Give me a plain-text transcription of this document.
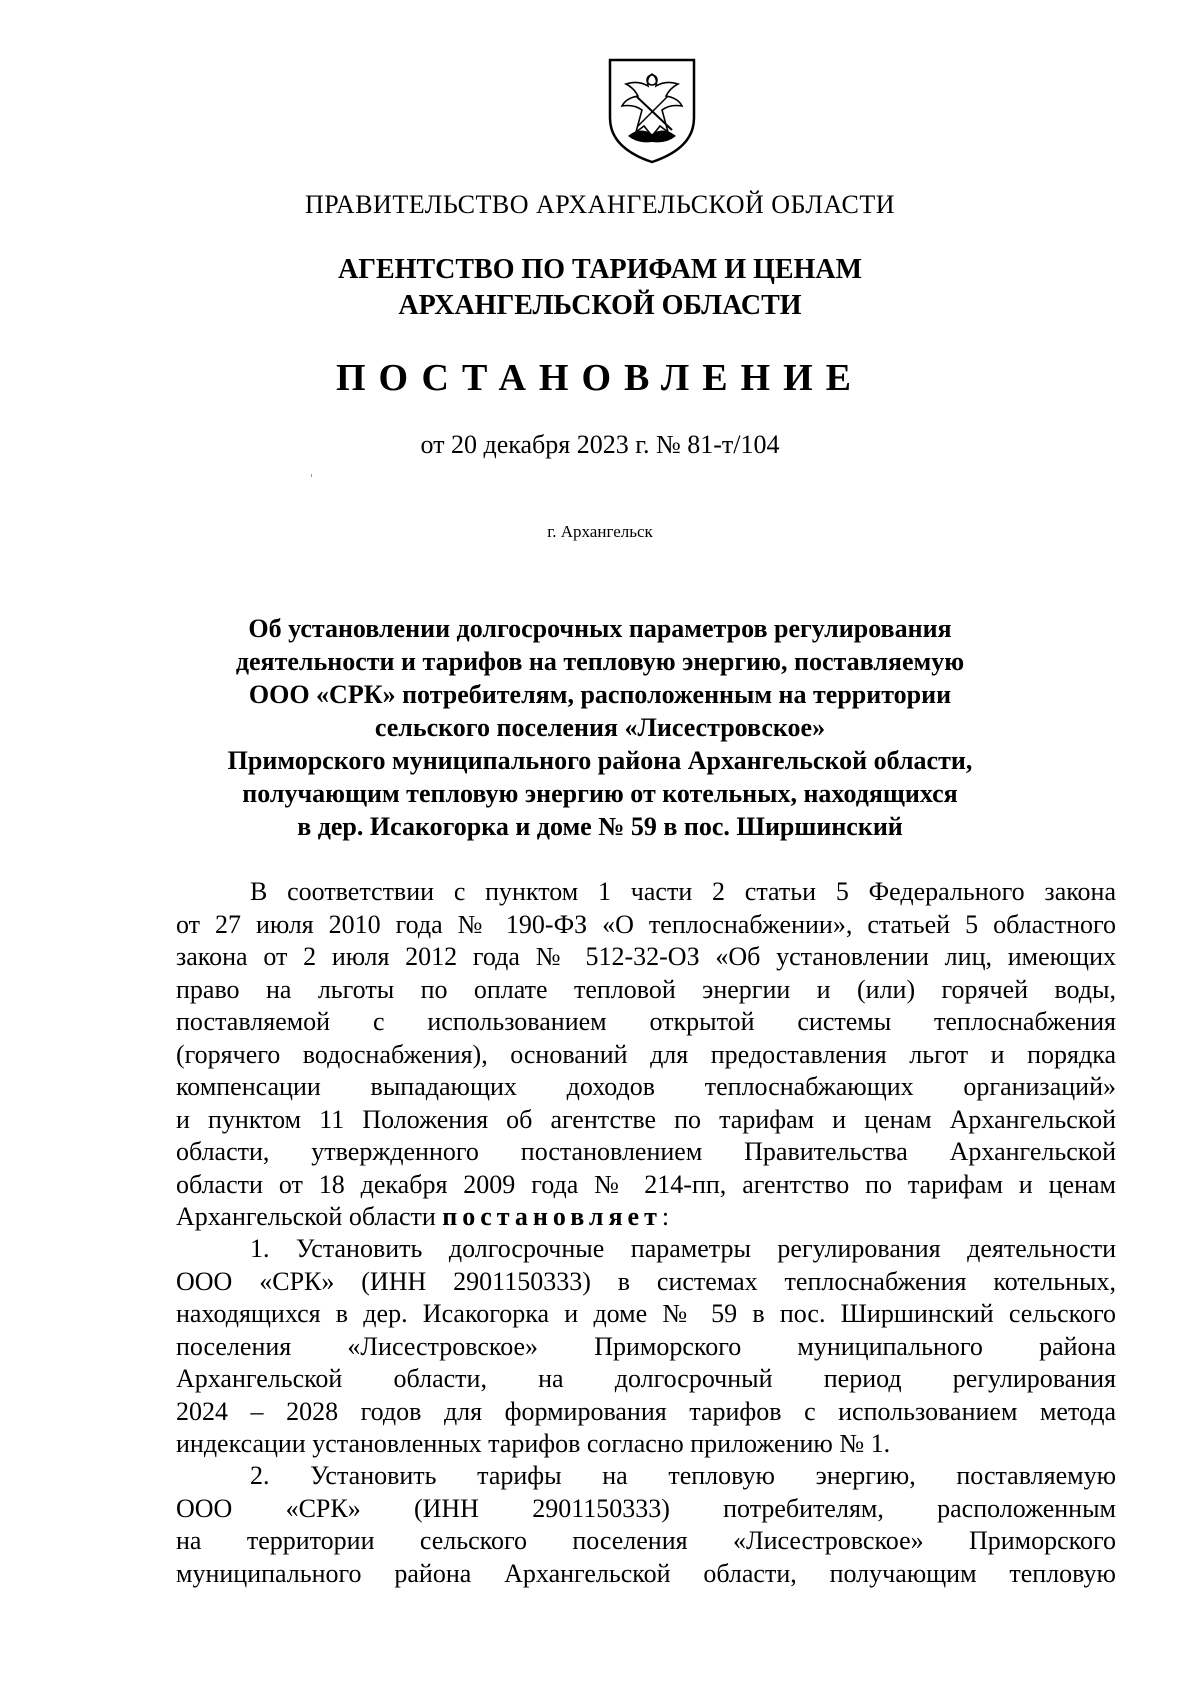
ПРАВИТЕЛЬСТВО АРХАНГЕЛЬСКОЙ ОБЛАСТИ
АГЕНТСТВО ПО ТАРИФАМ И ЦЕНАМ
АРХАНГЕЛЬСКОЙ ОБЛАСТИ
ПОСТАНОВЛЕНИЕ
от 20 декабря 2023 г. № 81-т/104
г. Архангельск
Об установлении долгосрочных параметров регулирования
деятельности и тарифов на тепловую энергию, поставляемую
ООО «СРК» потребителям, расположенным на территории
сельского поселения «Лисестровское»
Приморского муниципального района Архангельской области,
получающим тепловую энергию от котельных, находящихся
в дер. Исакогорка и доме № 59 в пос. Ширшинский
В соответствии с пунктом 1 части 2 статьи 5 Федерального закона
от 27 июля 2010 года № 190-ФЗ «О теплоснабжении», статьей 5 областного
закона от 2 июля 2012 года № 512-32-ОЗ «Об установлении лиц, имеющих
право на льготы по оплате тепловой энергии и (или) горячей воды,
поставляемой с использованием открытой системы теплоснабжения
(горячего водоснабжения), оснований для предоставления льгот и порядка
компенсации выпадающих доходов теплоснабжающих организаций»
и пунктом 11 Положения об агентстве по тарифам и ценам Архангельской
области, утвержденного постановлением Правительства Архангельской
области от 18 декабря 2009 года № 214-пп, агентство по тарифам и ценам
Архангельской области постановляет:
1. Установить долгосрочные параметры регулирования деятельности
ООО «СРК» (ИНН 2901150333) в системах теплоснабжения котельных,
находящихся в дер. Исакогорка и доме № 59 в пос. Ширшинский сельского
поселения «Лисестровское» Приморского муниципального района
Архангельской области, на долгосрочный период регулирования
2024 – 2028 годов для формирования тарифов с использованием метода
индексации установленных тарифов согласно приложению № 1.
2. Установить тарифы на тепловую энергию, поставляемую
ООО «СРК» (ИНН 2901150333) потребителям, расположенным
на территории сельского поселения «Лисестровское» Приморского
муниципального района Архангельской области, получающим тепловую
